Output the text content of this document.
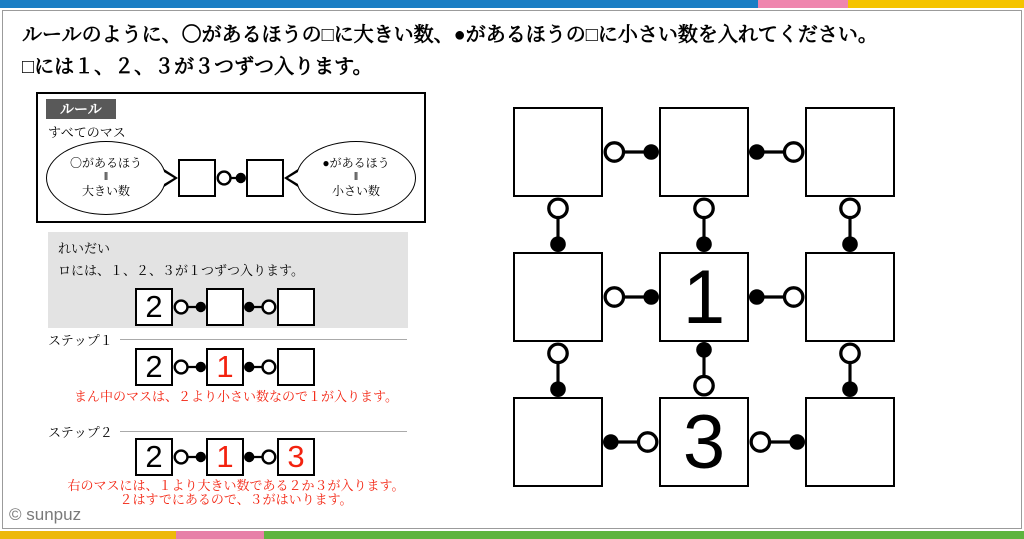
ルールのように、〇があるほうの□に大きい数、●があるほうの□に小さい数を入れてください。
□には１、２、３が３つずつ入ります。
ルール
すべてのマス
〇があるほう
‖
大きい数
●があるほう
‖
小さい数
れいだい
ロには、１、２、３が１つずつ入ります。
2
ステップ１
2 1
まん中のマスは、２より小さい数なので１が入ります。
ステップ２
2 1 3
右のマスには、１より大きい数である２か３が入ります。
２はすでにあるので、３がはいります。
© sunpuz
1
3
